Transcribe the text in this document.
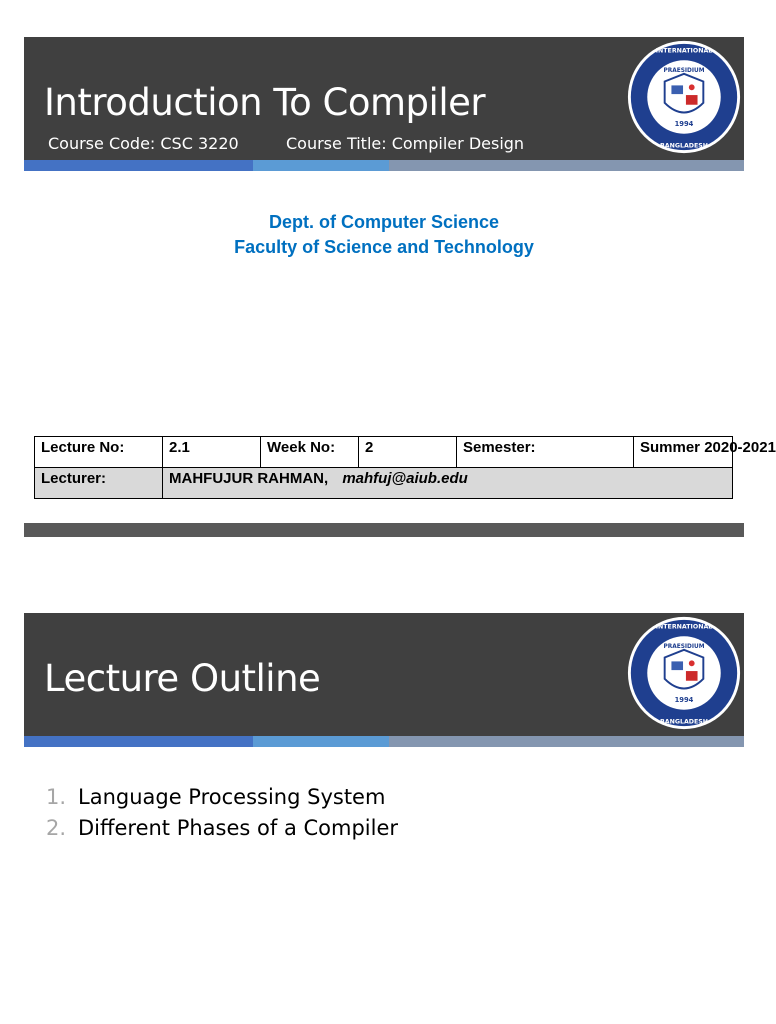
Introduction To Compiler
Course Code: CSC 3220	Course Title: Compiler Design
1994
PRAESIDIUM
INTERNATIONAL
BANGLADESH
Dept. of Computer Science
Faculty of Science and Technology
Lecture No:	2.1	Week No:	2	Semester:	Summer 2020-2021
Lecturer:	MAHFUJUR RAHMAN, mahfuj@aiub.edu				
Lecture Outline	1994
PRAESIDIUM
INTERNATIONAL
BANGLADESH
1. Language Processing System
2. Different Phases of a Compiler
